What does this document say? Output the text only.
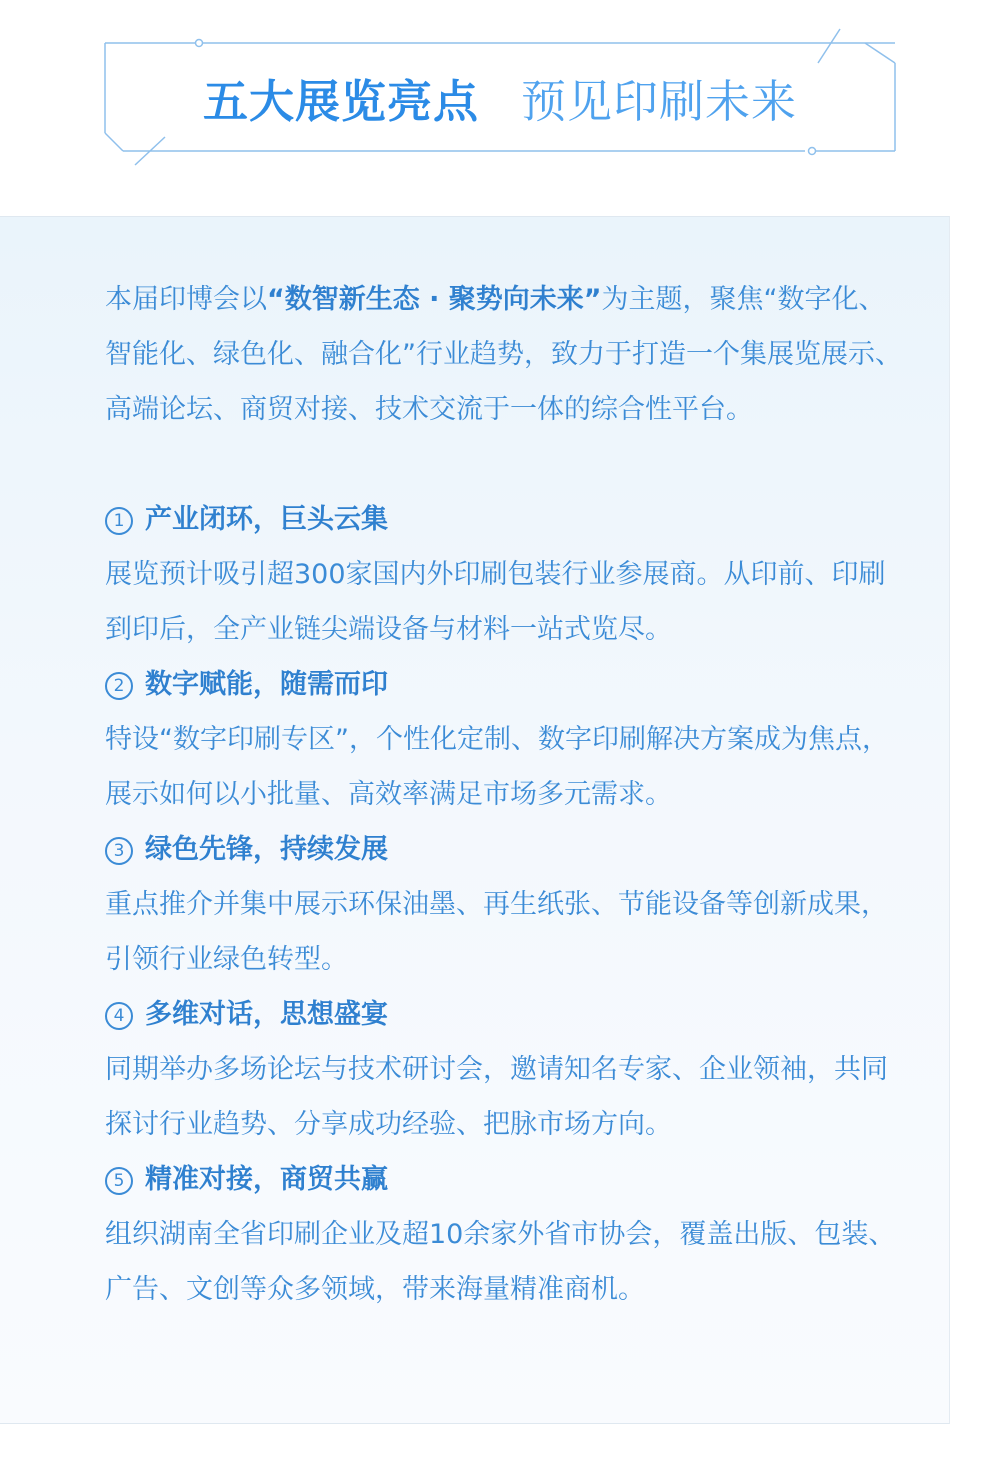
五大展览亮点 预见印刷未来

本届印博会以“数智新生态 · 聚势向未来”为主题，聚焦“数字化、智能化、绿色化、融合化”行业趋势，致力于打造一个集展览展示、高端论坛、商贸对接、技术交流于一体的综合性平台。

1 产业闭环，巨头云集

展览预计吸引超300家国内外印刷包装行业参展商。从印前、印刷到印后，全产业链尖端设备与材料一站式览尽。

2 数字赋能，随需而印

特设“数字印刷专区”，个性化定制、数字印刷解决方案成为焦点，展示如何以小批量、高效率满足市场多元需求。

3 绿色先锋，持续发展

重点推介并集中展示环保油墨、再生纸张、节能设备等创新成果，引领行业绿色转型。

4 多维对话，思想盛宴

同期举办多场论坛与技术研讨会，邀请知名专家、企业领袖，共同探讨行业趋势、分享成功经验、把脉市场方向。

5 精准对接，商贸共赢

组织湖南全省印刷企业及超10余家外省市协会，覆盖出版、包装、广告、文创等众多领域，带来海量精准商机。
